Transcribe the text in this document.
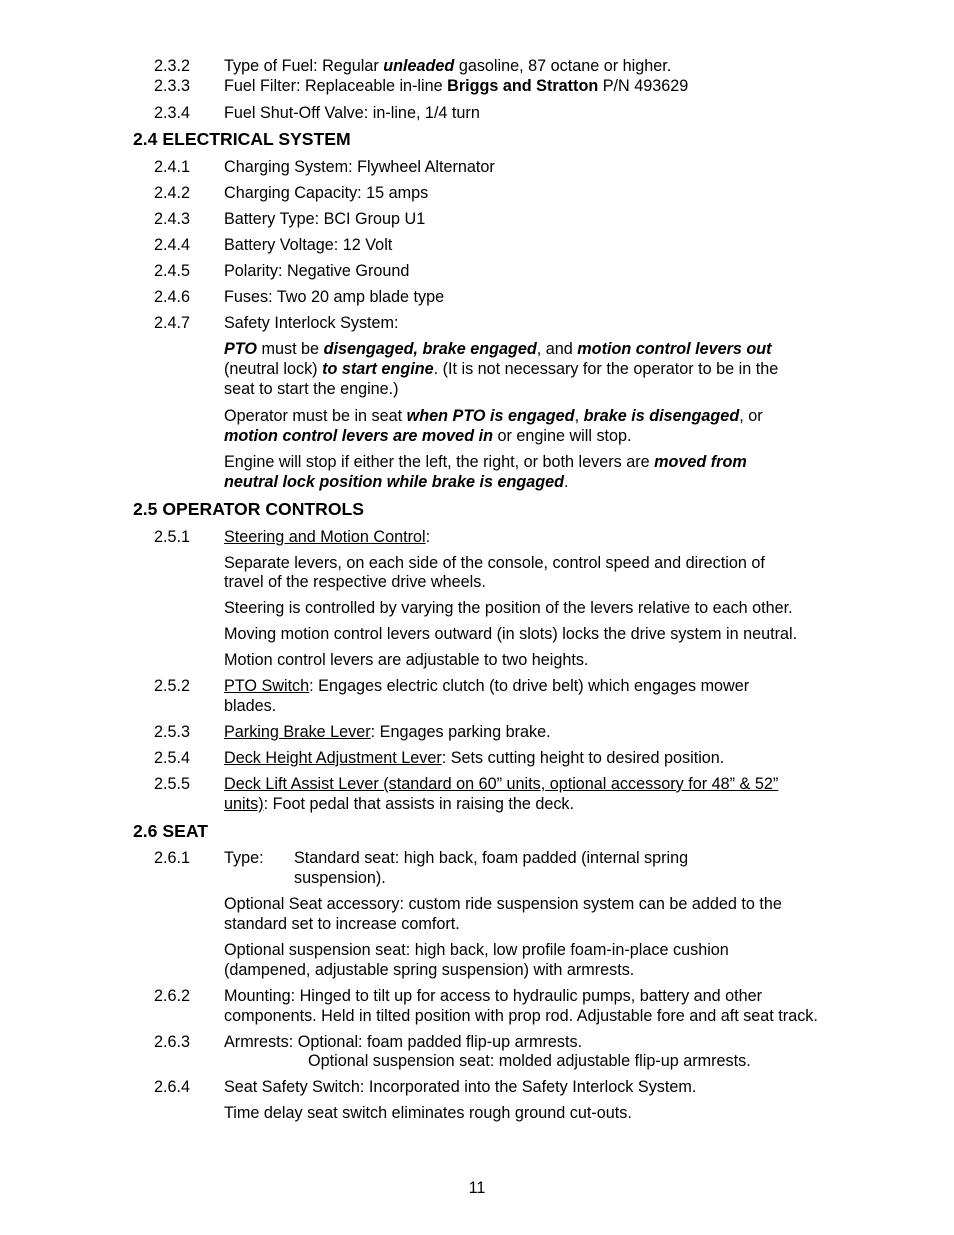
2.3.2 Type of Fuel: Regular unleaded gasoline, 87 octane or higher.
2.3.3 Fuel Filter: Replaceable in-line Briggs and Stratton P/N 493629
2.3.4 Fuel Shut-Off Valve: in-line, 1/4 turn
2.4 ELECTRICAL SYSTEM
2.4.1 Charging System: Flywheel Alternator
2.4.2 Charging Capacity: 15 amps
2.4.3 Battery Type: BCI Group U1
2.4.4 Battery Voltage: 12 Volt
2.4.5 Polarity: Negative Ground
2.4.6 Fuses: Two 20 amp blade type
2.4.7 Safety Interlock System:
PTO must be disengaged, brake engaged, and motion control levers out
(neutral lock) to start engine. (It is not necessary for the operator to be in the
seat to start the engine.)
Operator must be in seat when PTO is engaged, brake is disengaged, or
motion control levers are moved in or engine will stop.
Engine will stop if either the left, the right, or both levers are moved from
neutral lock position while brake is engaged.
2.5 OPERATOR CONTROLS
2.5.1 Steering and Motion Control:
Separate levers, on each side of the console, control speed and direction of
travel of the respective drive wheels.
Steering is controlled by varying the position of the levers relative to each other.
Moving motion control levers outward (in slots) locks the drive system in neutral.
Motion control levers are adjustable to two heights.
2.5.2 PTO Switch: Engages electric clutch (to drive belt) which engages mower
blades.
2.5.3 Parking Brake Lever: Engages parking brake.
2.5.4 Deck Height Adjustment Lever: Sets cutting height to desired position.
2.5.5 Deck Lift Assist Lever (standard on 60” units, optional accessory for 48” & 52”
units): Foot pedal that assists in raising the deck.
2.6 SEAT
2.6.1 Type: Standard seat: high back, foam padded (internal spring
suspension).
Optional Seat accessory: custom ride suspension system can be added to the
standard set to increase comfort.
Optional suspension seat: high back, low profile foam-in-place cushion
(dampened, adjustable spring suspension) with armrests.
2.6.2 Mounting: Hinged to tilt up for access to hydraulic pumps, battery and other
components. Held in tilted position with prop rod. Adjustable fore and aft seat track.
2.6.3 Armrests: Optional: foam padded flip-up armrests.
Optional suspension seat: molded adjustable flip-up armrests.
2.6.4 Seat Safety Switch: Incorporated into the Safety Interlock System.
Time delay seat switch eliminates rough ground cut-outs.
11
